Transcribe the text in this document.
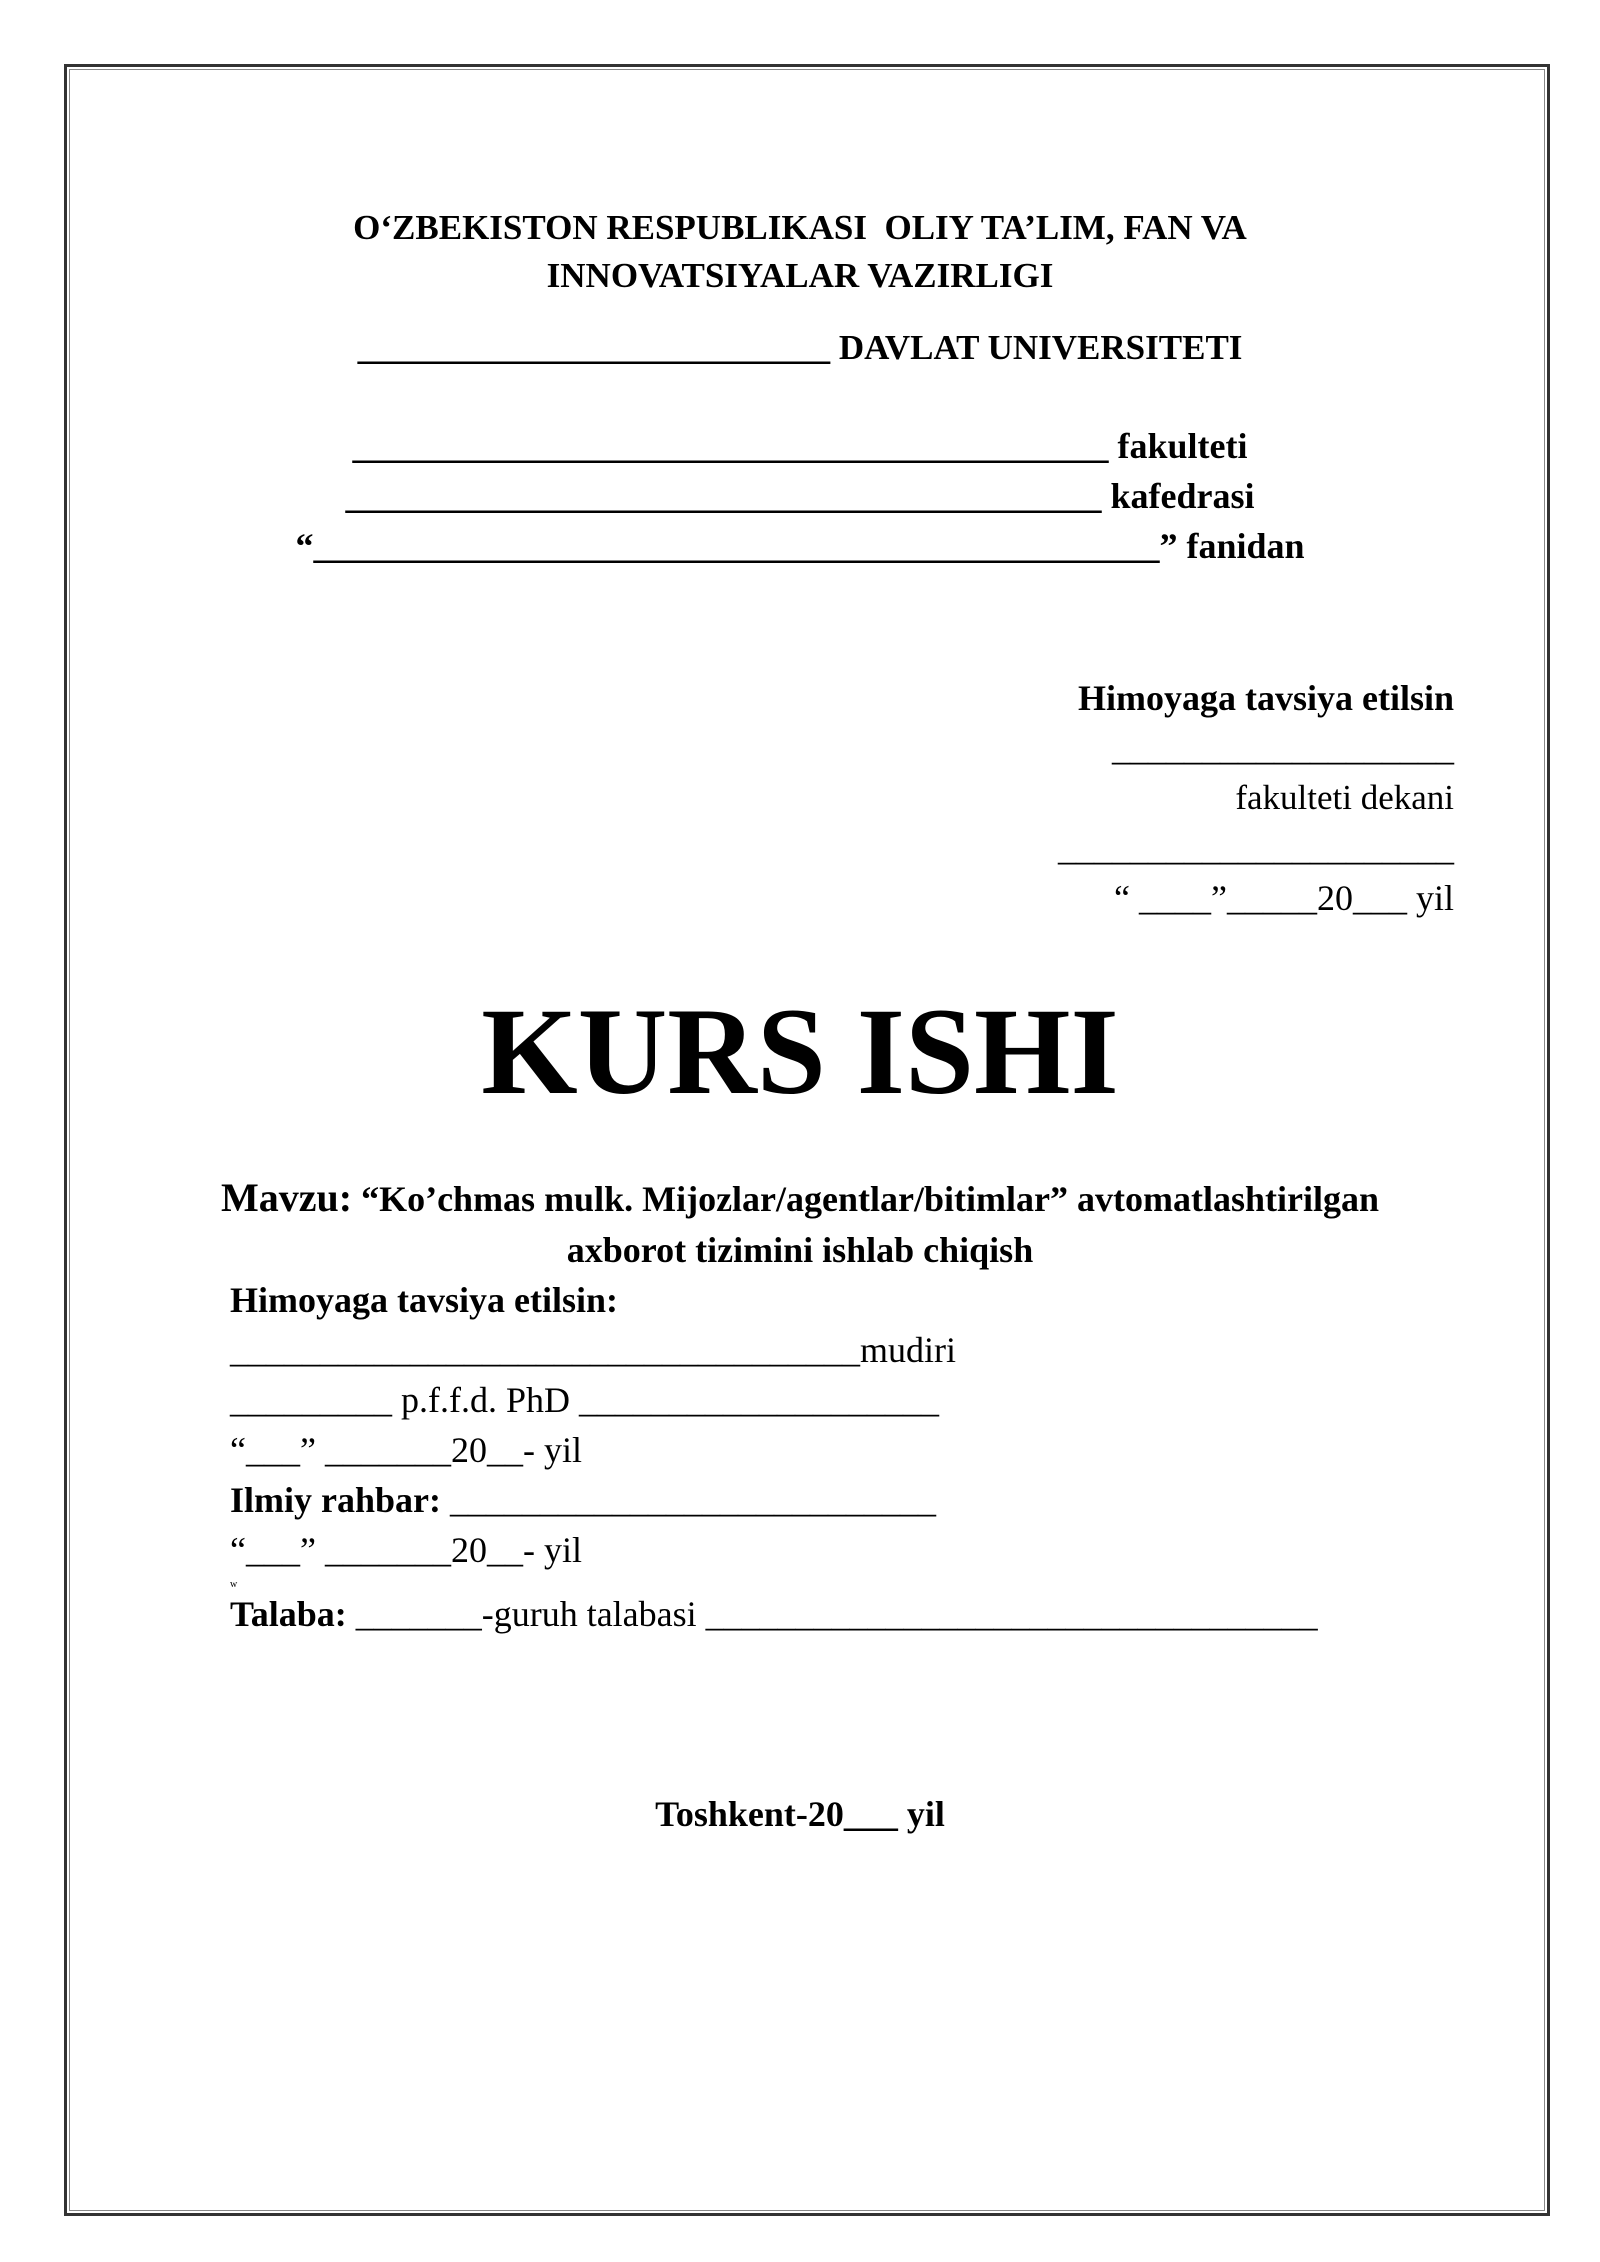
O‘ZBEKISTON RESPUBLIKASI  OLIY TA’LIM, FAN VA
INNOVATSIYALAR VAZIRLIGI
___________________________ DAVLAT UNIVERSITETI
__________________________________________ fakulteti
__________________________________________ kafedrasi
“_______________________________________________” fanidan
Himoyaga tavsiya etilsin
___________________
fakulteti dekani
______________________
“ ____”_____20___ yil
KURS ISHI
Mavzu: “Ko’chmas mulk. Mijozlar/agentlar/bitimlar” avtomatlashtirilgan
axborot tizimini ishlab chiqish
Himoyaga tavsiya etilsin:
___________________________________mudiri
_________ p.f.f.d. PhD ____________________
“___” _______20__- yil
Ilmiy rahbar: ___________________________
“___” _______20__- yil
w
Talaba: _______-guruh talabasi __________________________________
Toshkent-20___ yil
